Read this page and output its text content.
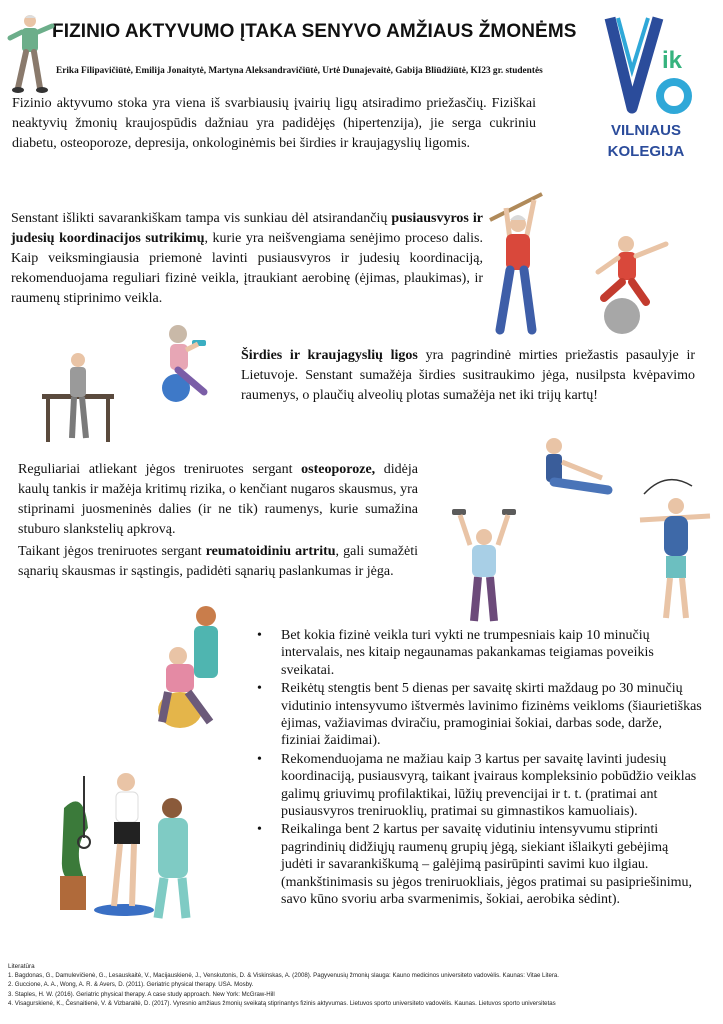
FIZINIO AKTYVUMO ĮTAKA SENYVO AMŽIAUS ŽMONĖMS
Erika Filipavičiūtė, Emilija Jonaitytė, Martyna Aleksandravičiūtė, Urtė Dunajevaitė, Gabija Bliūdžiūtė, KI23 gr. studentės	ik
VILNIAUS
KOLEGIJA
Fizinio aktyvumo stoka yra viena iš svarbiausių įvairių ligų atsiradimo priežasčių. Fiziškai neaktyvių žmonių kraujospūdis dažniau yra padidėjęs (hipertenzija), jie serga cukriniu diabetu, osteoporoze, depresija, onkologinėmis bei širdies ir kraujagyslių ligomis.
Senstant išlikti savarankiškam tampa vis sunkiau dėl atsirandančių pusiausvyros ir judesių koordinacijos sutrikimų, kurie yra neišvengiama senėjimo proceso dalis. Kaip veiksmingiausia priemonė lavinti pusiausvyros ir judesių koordinaciją, rekomenduojama reguliari fizinė veikla, įtraukiant aerobinę (ėjimas, plaukimas), ir raumenų stiprinimo veikla.
Širdies ir kraujagyslių ligos yra pagrindinė mirties priežastis pasaulyje ir Lietuvoje. Senstant sumažėja širdies susitraukimo jėga, nusilpsta kvėpavimo raumenys, o plaučių alveolių plotas sumažėja net iki trijų kartų!
Reguliariai atliekant jėgos treniruotes sergant osteoporoze, didėja kaulų tankis ir mažėja kritimų rizika, o kenčiant nugaros skausmus, yra stiprinami juosmeninės dalies (ir ne tik) raumenys, kurie sumažina stuburo slankstelių apkrovą.
Taikant jėgos treniruotes sergant reumatoidiniu artritu, gali sumažėti sąnarių skausmas ir sąstingis, padidėti sąnarių paslankumas ir jėga.
• Bet kokia fizinė veikla turi vykti ne trumpesniais kaip 10 minučių intervalais, nes kitaip negaunamas pakankamas teigiamas poveikis sveikatai.
• Reikėtų stengtis bent 5 dienas per savaitę skirti maždaug po 30 minučių vidutinio intensyvumo ištvermės lavinimo fizinėms veikloms (šiaurietiškas ėjimas, važiavimas dviračiu, pramoginiai šokiai, darbas sode, darže, fiziniai žaidimai).
• Rekomenduojama ne mažiau kaip 3 kartus per savaitę lavinti judesių koordinaciją, pusiausvyrą, taikant įvairaus kompleksinio pobūdžio veiklas galimų griuvimų profilaktikai, lūžių prevencijai ir t. t. (pratimai ant pusiausvyros treniruoklių, pratimai su gimnastikos kamuoliais).
• Reikalinga bent 2 kartus per savaitę vidutiniu intensyvumu stiprinti pagrindinių didžiųjų raumenų grupių jėgą, siekiant išlaikyti gebėjimą judėti ir savarankiškumą – galėjimą pasirūpinti savimi kuo ilgiau. (mankštinimasis su jėgos treniruokliais, jėgos pratimai su pasipriešinimu, savo kūno svoriu arba svarmenimis, šokiai, aerobika sėdint).
Literatūra
1. Bagdonas, G., Damulevičienė, G., Lesauskaitė, V., Macijauskienė, J., Venskutonis, D. & Viskinskas, A. (2008). Pagyvenusių žmonių slauga: Kauno medicinos universiteto vadovėlis. Kaunas: Vitae Litera.
2. Guccione, A. A., Wong, A. R. & Avers, D. (2011). Geriatric physical therapy. USA. Mosby.
3. Staples, H. W. (2016). Geriatric physical therapy. A case study approach. New York: McGraw-Hill
4. Visagurskienė, K., Česnaitienė, V. & Vizbaraitė, D. (2017). Vyresnio amžiaus žmonių sveikatą stiprinantys fizinis aktyvumas. Lietuvos sporto universiteto vadovėlis. Kaunas. Lietuvos sporto universitetas
